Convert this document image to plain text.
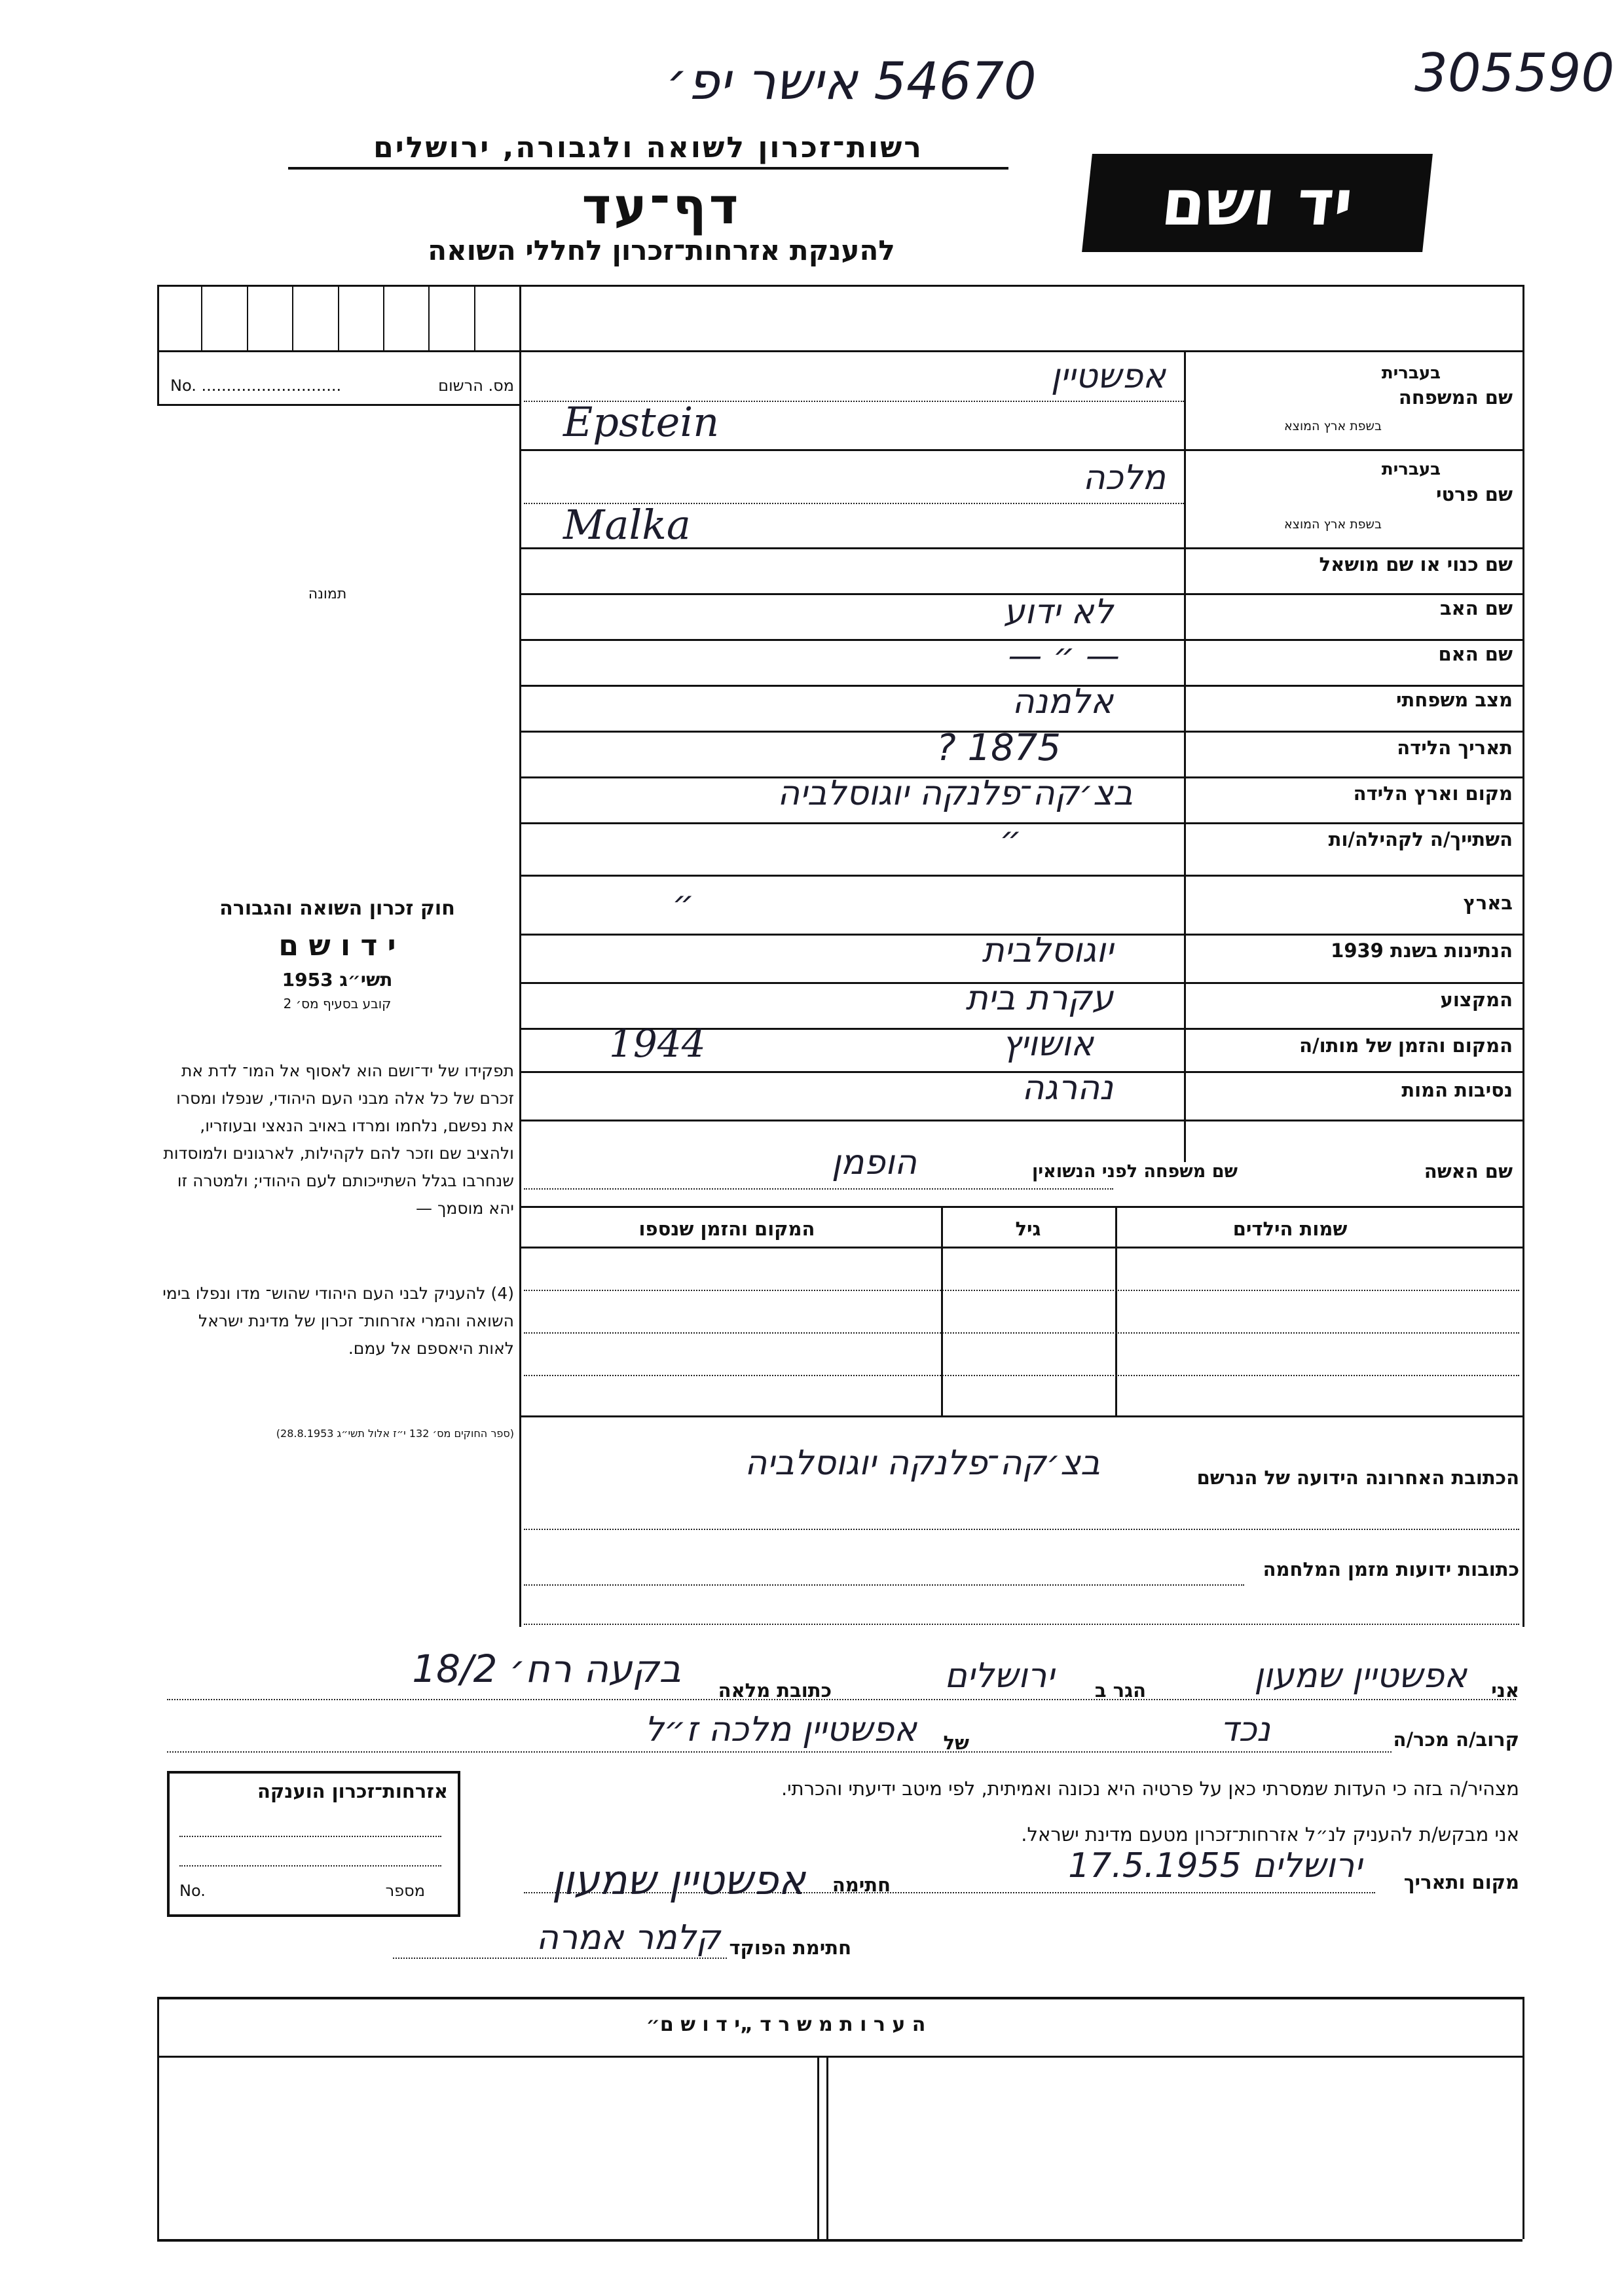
54670 אישר יפ׳	305590
רשות־זכרון לשואה ולגבורה, ירושלים
דף־עד
להענקת אזרחות־זכרון לחללי השואה
יד ושם
No. ............................	מס. הרשום
תמונה
חוק זכרון השואה והגבורה
י ד ו ש ם
תשי״ג 1953
קובע בסעיף מס׳ 2
תפקידו של יד־ושם הוא לאסוף אל המו־ לדת את זכרם של כל אלה מבני העם היהודי, שנפלו ומסרו את נפשם, נלחמו ומרדו באויב הנאצי ובעוזריו, ולהציב שם וזכר להם לקהילות, לארגונים ולמוסדות שנחרבו בגלל השתייכותם לעם היהודי; ולמטרה זו יהא מוסמך —
(4) להעניק לבני העם היהודי שהוש־ מדו ונפלו בימי השואה והמרי אזרחות־ זכרון של מדינת ישראל לאות היאספם אל עמם.
(ספר החוקים מס׳ 132 י״ז אלול תשי״ג 28.8.1953)
שם המשפחה
בעברית
בשפת ארץ המוצא
אפשטיין
Epstein
שם פרטי
בעברית
בשפת ארץ המוצא
מלכה
Malka
שם כנוי או שם מושאל
שם האב
לא ידוע
שם האם
— ״ —
מצב משפחתי
אלמנה
תאריך הלידה
1875 ?
מקום וארץ הלידה
בצ׳קה־פלנקה יוגוסלביה
השתייך/ה לקהילה/ות
״
בארץ
״
הנתינות בשנת 1939
יוגוסלבית
המקצוע
עקרת בית
המקום והזמן של מותו/ה
אושויץ
1944
נסיבות המות
נהרגה
שם האשה
שם משפחה לפני הנשואין
הופמן
שמות הילדים
גיל
המקום והזמן שנספו
הכתובת האחרונה הידועה של הנרשם
בצ׳קה־פלנקה יוגוסלביה
כתובות ידועות מזמן המלחמה
אני
אפשטיין שמעון
הגר ב
ירושלים
כתובת מלאה
בקעה רח׳ 18/2
קרוב/ה מכר/ה
נכד
של
אפשטיין מלכה ז״ל
מצהיר/ה בזה כי העדות שמסרתי כאן על פרטיה היא נכונה ואמיתית, לפי מיטב ידיעתי והכרתי.
אני מבקש/ת להעניק לנ״ל אזרחות־זכרון מטעם מדינת ישראל.
מקום ותאריך
ירושלים 17.5.1955
חתימה
אפשטיין שמעון
חתימת הפוקד
קלמר אמרה
אזרחות־זכרון הוענקה
מספר
No.
ה ע ר ו ת מ ש ר ד „י ד ו ש ם״
